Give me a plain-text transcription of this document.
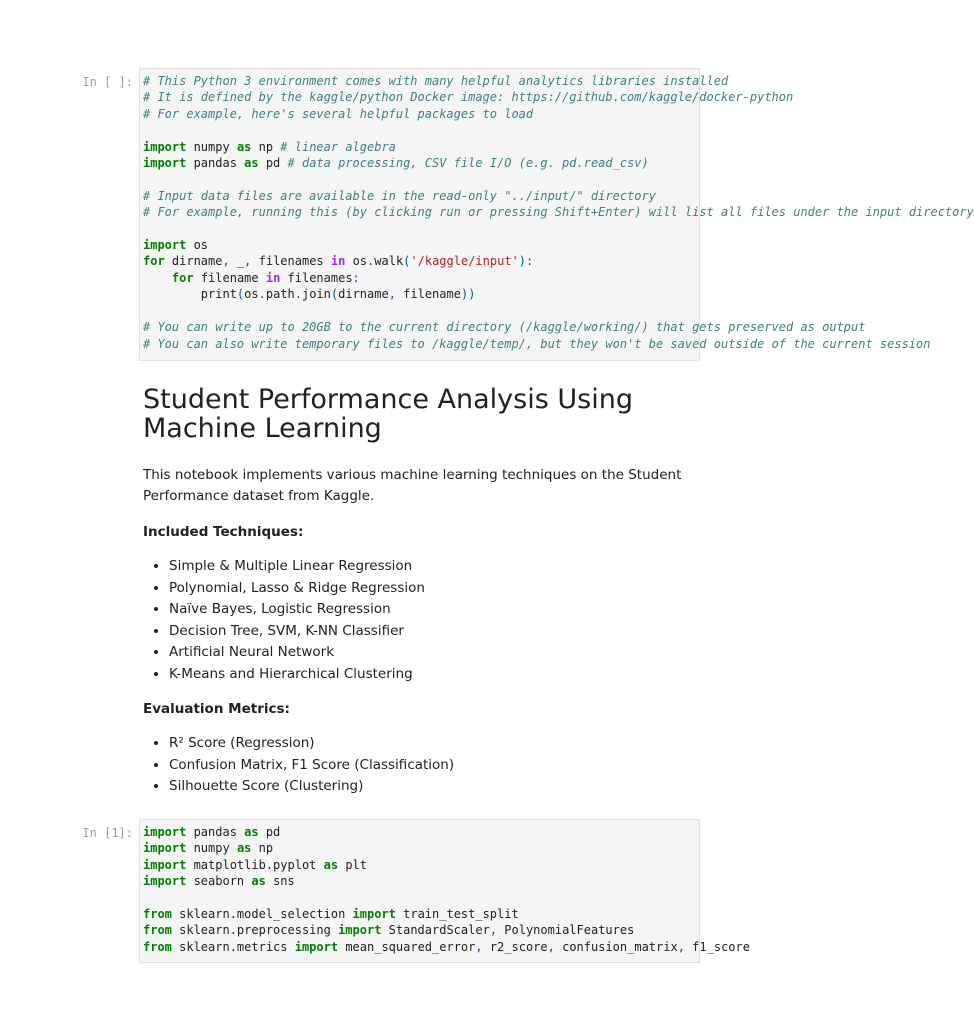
In [ ]: # This Python 3 environment comes with many helpful analytics libraries installed
# It is defined by the kaggle/python Docker image: https://github.com/kaggle/docker-python
# For example, here's several helpful packages to load

import numpy as np # linear algebra
import pandas as pd # data processing, CSV file I/O (e.g. pd.read_csv)

# Input data files are available in the read-only "../input/" directory
# For example, running this (by clicking run or pressing Shift+Enter) will list all files under the input directory

import os
for dirname, _, filenames in os.walk('/kaggle/input'):
for filename in filenames:
print(os.path.join(dirname, filename))

# You can write up to 20GB to the current directory (/kaggle/working/) that gets preserved as output
# You can also write temporary files to /kaggle/temp/, but they won't be saved outside of the current session
Student Performance Analysis Using Machine Learning

This notebook implements various machine learning techniques on the Student Performance dataset from Kaggle.

Included Techniques:

• Simple & Multiple Linear Regression
• Polynomial, Lasso & Ridge Regression
• Naïve Bayes, Logistic Regression
• Decision Tree, SVM, K-NN Classifier
• Artificial Neural Network
• K-Means and Hierarchical Clustering

Evaluation Metrics:

• R² Score (Regression)
• Confusion Matrix, F1 Score (Classification)
• Silhouette Score (Clustering)
In [1]: import pandas as pd
import numpy as np
import matplotlib.pyplot as plt
import seaborn as sns

from sklearn.model_selection import train_test_split
from sklearn.preprocessing import StandardScaler, PolynomialFeatures
from sklearn.metrics import mean_squared_error, r2_score, confusion_matrix, f1_score
